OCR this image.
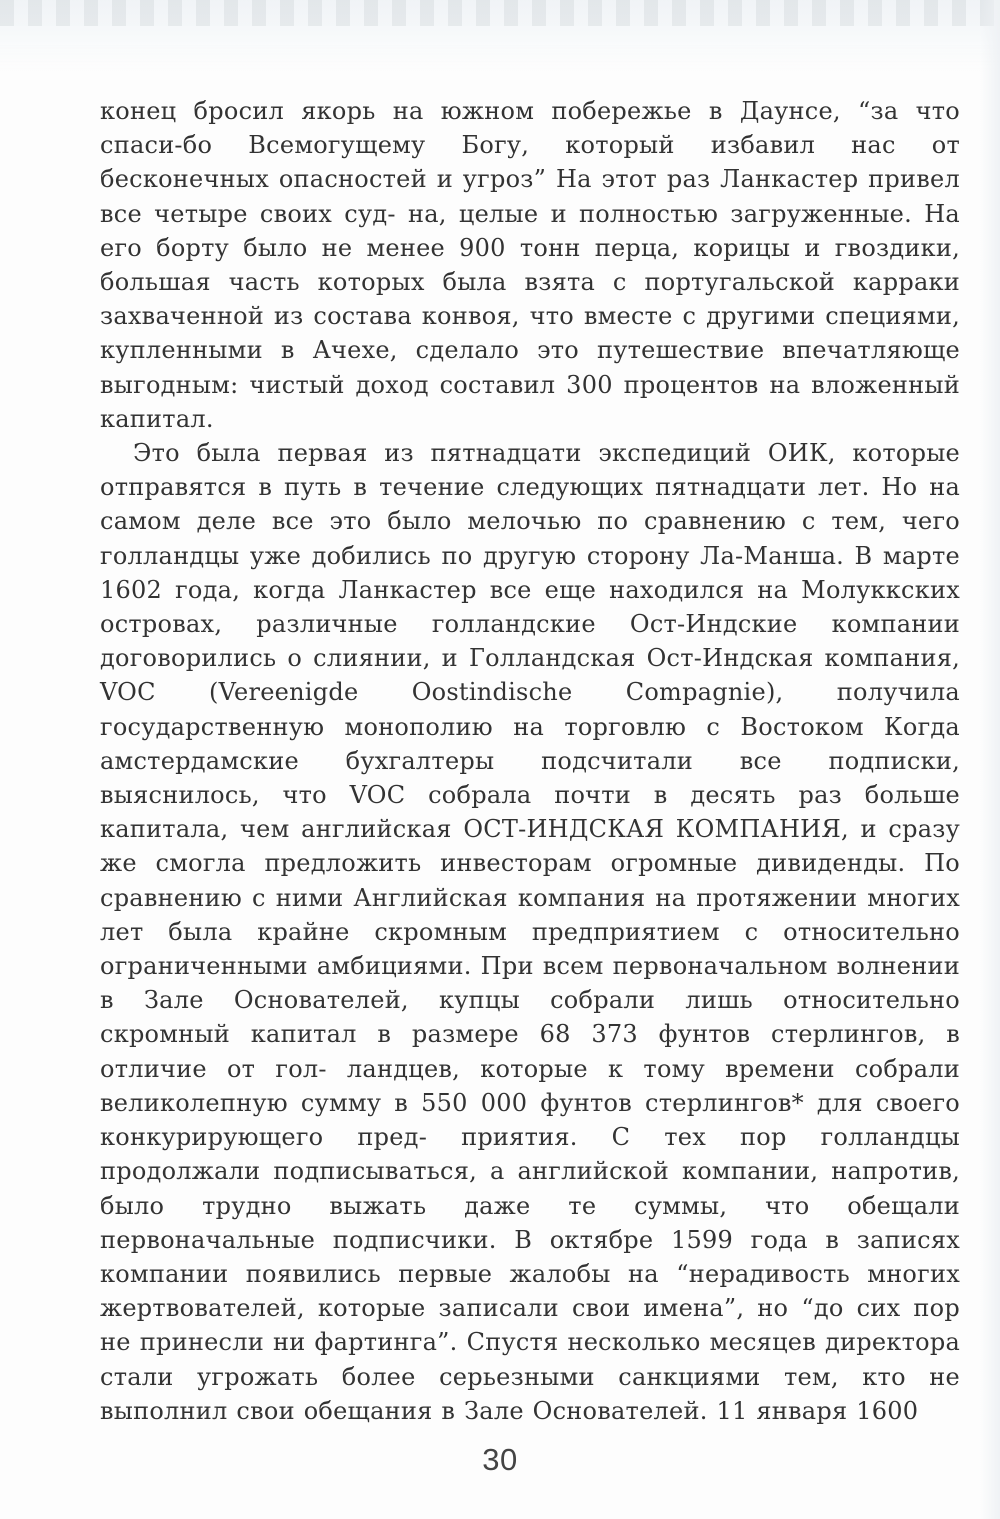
конец бросил якорь на южном побережье в Даунсе, “за что спаси-бо Всемогущему Богу, который избавил нас от бесконечных опасностей и угроз” На этот раз Ланкастер привел все четыре своих суд- на, целые и полностью загруженные. На его борту было не менее 900 тонн перца, корицы и гвоздики, большая часть которых была взята с португальской карраки захваченной из состава конвоя, что вместе с другими специями, купленными в Ачехе, сделало это путешествие впечатляюще выгодным: чистый доход составил 300 процентов на вложенный капитал.

Это была первая из пятнадцати экспедиций ОИК, которые отправятся в путь в течение следующих пятнадцати лет. Но на самом деле все это было мелочью по сравнению с тем, чего голландцы уже добились по другую сторону Ла-Манша. В марте 1602 года, когда Ланкастер все еще находился на Молуккских островах, различные голландские Ост-Индские компании договорились о слиянии, и Голландская Ост-Индская компания, VOC (Vereenigde Oostindische Compagnie), получила государственную монополию на торговлю с Востоком Когда амстердамские бухгалтеры подсчитали все подписки, выяснилось, что VOC собрала почти в десять раз больше капитала, чем английская ОСТ-ИНДСКАЯ КОМПАНИЯ, и сразу же смогла предложить инвесторам огромные дивиденды. По сравнению с ними Английская компания на протяжении многих лет была крайне скромным предприятием с относительно ограниченными амбициями. При всем первоначальном волнении в Зале Основателей, купцы собрали лишь относительно скромный капитал в размере 68 373 фунтов стерлингов, в отличие от гол- ландцев, которые к тому времени собрали великолепную сумму в 550 000 фунтов стерлингов* для своего конкурирующего пред- приятия. С тех пор голландцы продолжали подписываться, а английской компании, напротив, было трудно выжать даже те суммы, что обещали первоначальные подписчики. В октябре 1599 года в записях компании появились первые жалобы на “нерадивость многих жертвователей, которые записали свои имена”, но “до сих пор не принесли ни фартинга”. Спустя несколько месяцев директора стали угрожать более серьезными санкциями тем, кто не выполнил свои обещания в Зале Основателей. 11 января 1600

30
